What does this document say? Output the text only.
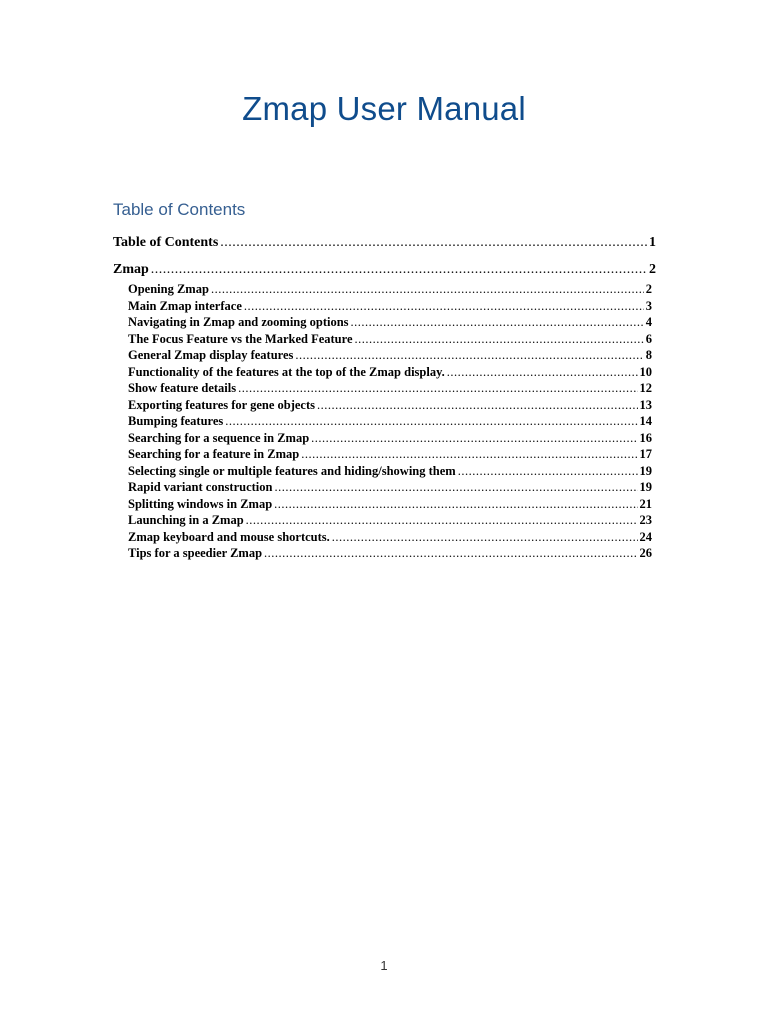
Zmap User Manual
Table of Contents
Table of Contents .....	1
Zmap .....	2
Opening Zmap .....	2
Main Zmap interface .....	3
Navigating in Zmap and zooming options .....	4
The Focus Feature vs the Marked Feature .....	6
General Zmap display features .....	8
Functionality of the features at the top of the Zmap display. .....	10
Show feature details .....	12
Exporting features for gene objects .....	13
Bumping features .....	14
Searching for a sequence in Zmap .....	16
Searching for a feature in Zmap .....	17
Selecting single or multiple features and hiding/showing them .....	19
Rapid variant construction .....	19
Splitting windows in Zmap .....	21
Launching in a Zmap .....	23
Zmap keyboard and mouse shortcuts. .....	24
Tips for a speedier Zmap .....	26
1
